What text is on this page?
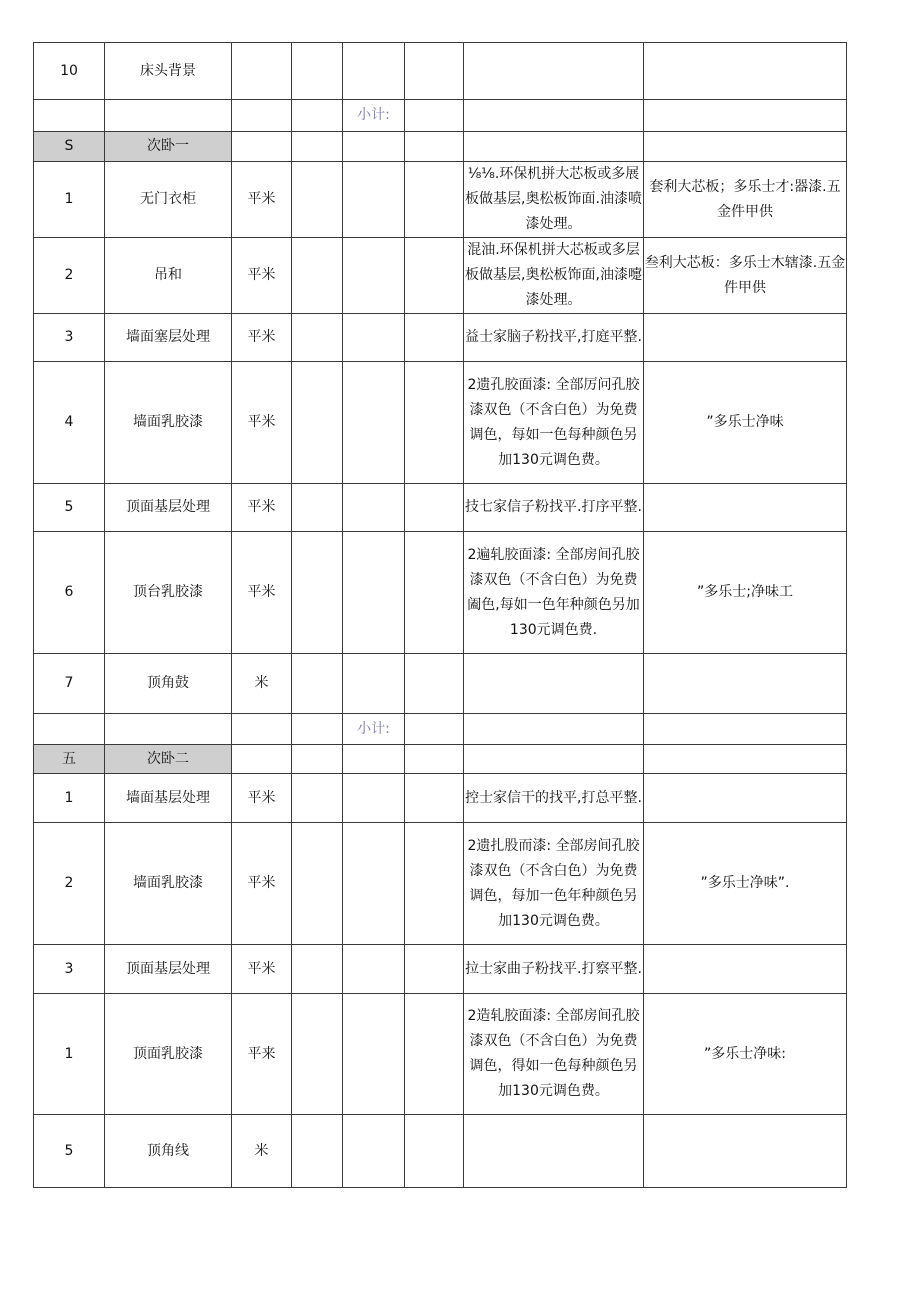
10	床头背景						
				小计:			
S	次卧一						
1	无门衣柜	平米				⅛⅛.环保机拼大芯板或多展板做基层,奥松板饰面.油漆喷漆处理。	套利大芯板；多乐士才:器漆.五金件甲供
2	吊和	平米				混油.环保机拼大芯板或多层板做基层,奥松板饰面,油漆嚏漆处理。	叁利大芯板：多乐士木辖漆.五金件甲供
3	墙面塞层处理	平米				益士家脑子粉找平,打庭平整.	
4	墙面乳胶漆	平米				2遗孔胶面漆: 全部厉问孔胶漆双色（不含白色）为免费调色，每如一色每种颜色另加130元调色费。	”多乐士净味
5	顶面基层处理	平米				技七家信子粉找平.打序平整.	
6	顶台乳胶漆	平米				2遍轧胶面漆: 全部房间孔胶漆双色（不含白色）为免费阖色,每如一色年种颜色另加130元调色费.	”多乐士;净味工
7	顶角鼓	米					
				小计:			
五	次卧二						
1	墙面基层处理	平米				控士家信干的找平,打总平整.	
2	墙面乳胶漆	平米				2遗扎股而漆: 全部房间孔胶漆双色（不含白色）为免费调色，每加一色年种颜色另加130元调色费。	”多乐士净味”.
3	顶面基层处理	平米				拉士家曲子粉找平.打察平整.	
1	顶面乳胶漆	平来				2造轧胶面漆: 全部房间孔胶漆双色（不含白色）为免费调色，得如一色每种颜色另加130元调色费。	”多乐士净味:
5	顶角线	米					
